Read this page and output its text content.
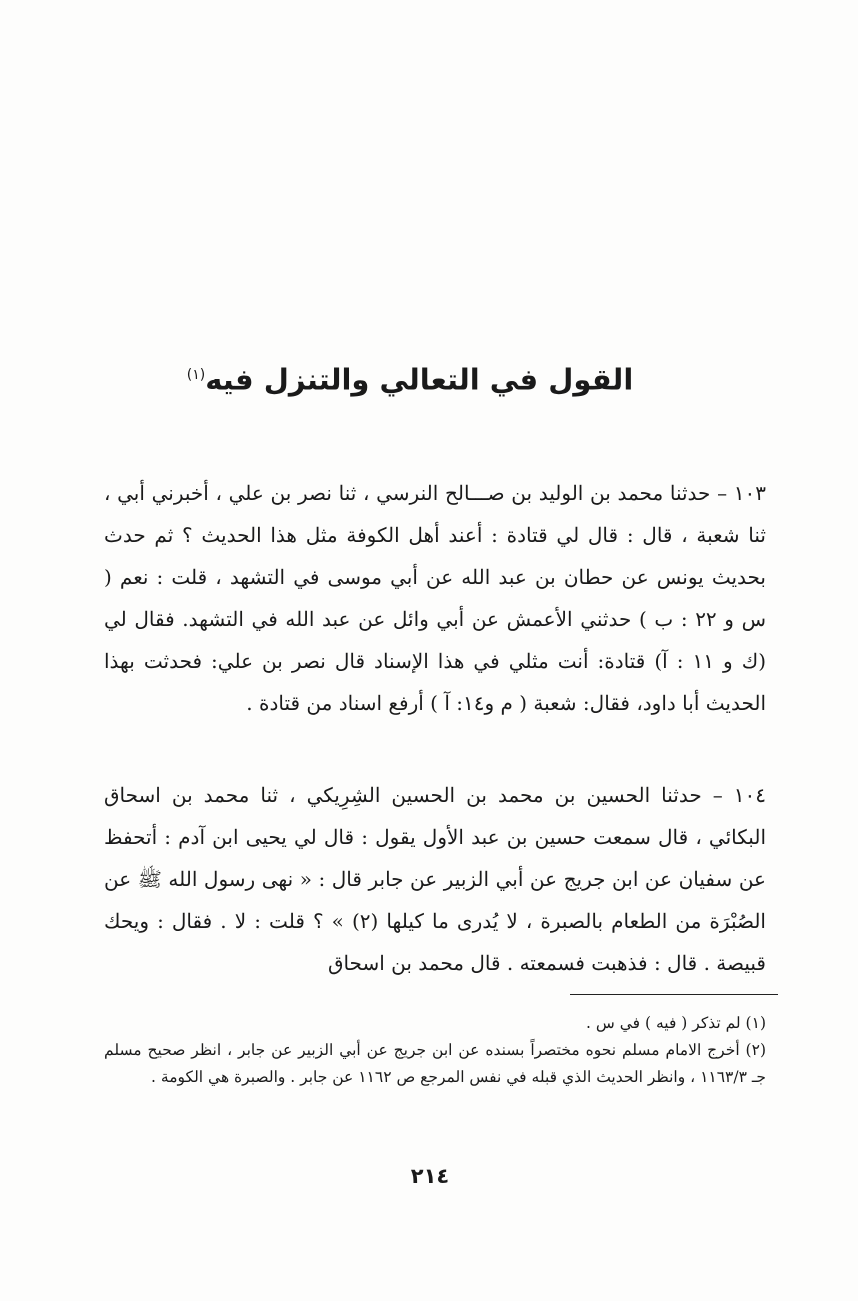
القول في التعالي والتنزل فيه$^{(١)}$

١٠٣ – حدثنا محمد بن الوليد بن صـــالح النرسي ، ثنا نصر بن علي ، أخبرني أبي ، ثنا شعبة ، قال : قال لي قتادة : أعند أهل الكوفة مثل هذا الحديث ؟ ثم حدث بحديث يونس عن حطان بن عبد الله عن أبي موسى في التشهد ، قلت : نعم ( س و ٢٢ : ب ) حدثني الأعمش عن أبي وائل عن عبد الله في التشهد. فقال لي (ك و ١١ : آ) قتادة: أنت مثلي في هذا الإسناد قال نصر بن علي: فحدثت بهذا الحديث أبا داود، فقال: شعبة ( م و١٤: آ ) أرفع اسناد من قتادة .

١٠٤ – حدثنا الحسين بن محمد بن الحسين الشِرِيكي ، ثنا محمد بن اسحاق البكائي ، قال سمعت حسين بن عبد الأول يقول : قال لي يحيى ابن آدم : أتحفظ عن سفيان عن ابن جريج عن أبي الزبير عن جابر قال : « نهى رسول الله ﷺ عن الصُبْرَة من الطعام بالصبرة ، لا يُدرى ما كيلها (٢) » ؟ قلت : لا . فقال : ويحك قبيصة . قال : فذهبت فسمعته . قال محمد بن اسحاق

(١) لم تذكر ( فيه ) في س .

(٢) أخرج الامام مسلم نحوه مختصراً بسنده عن ابن جريج عن أبي الزبير عن جابر ، انظر صحيح مسلم جـ ١١٦٣/٣ ، وانظر الحديث الذي قبله في نفس المرجع ص ١١٦٢ عن جابر . والصبرة هي الكومة .

٢١٤
